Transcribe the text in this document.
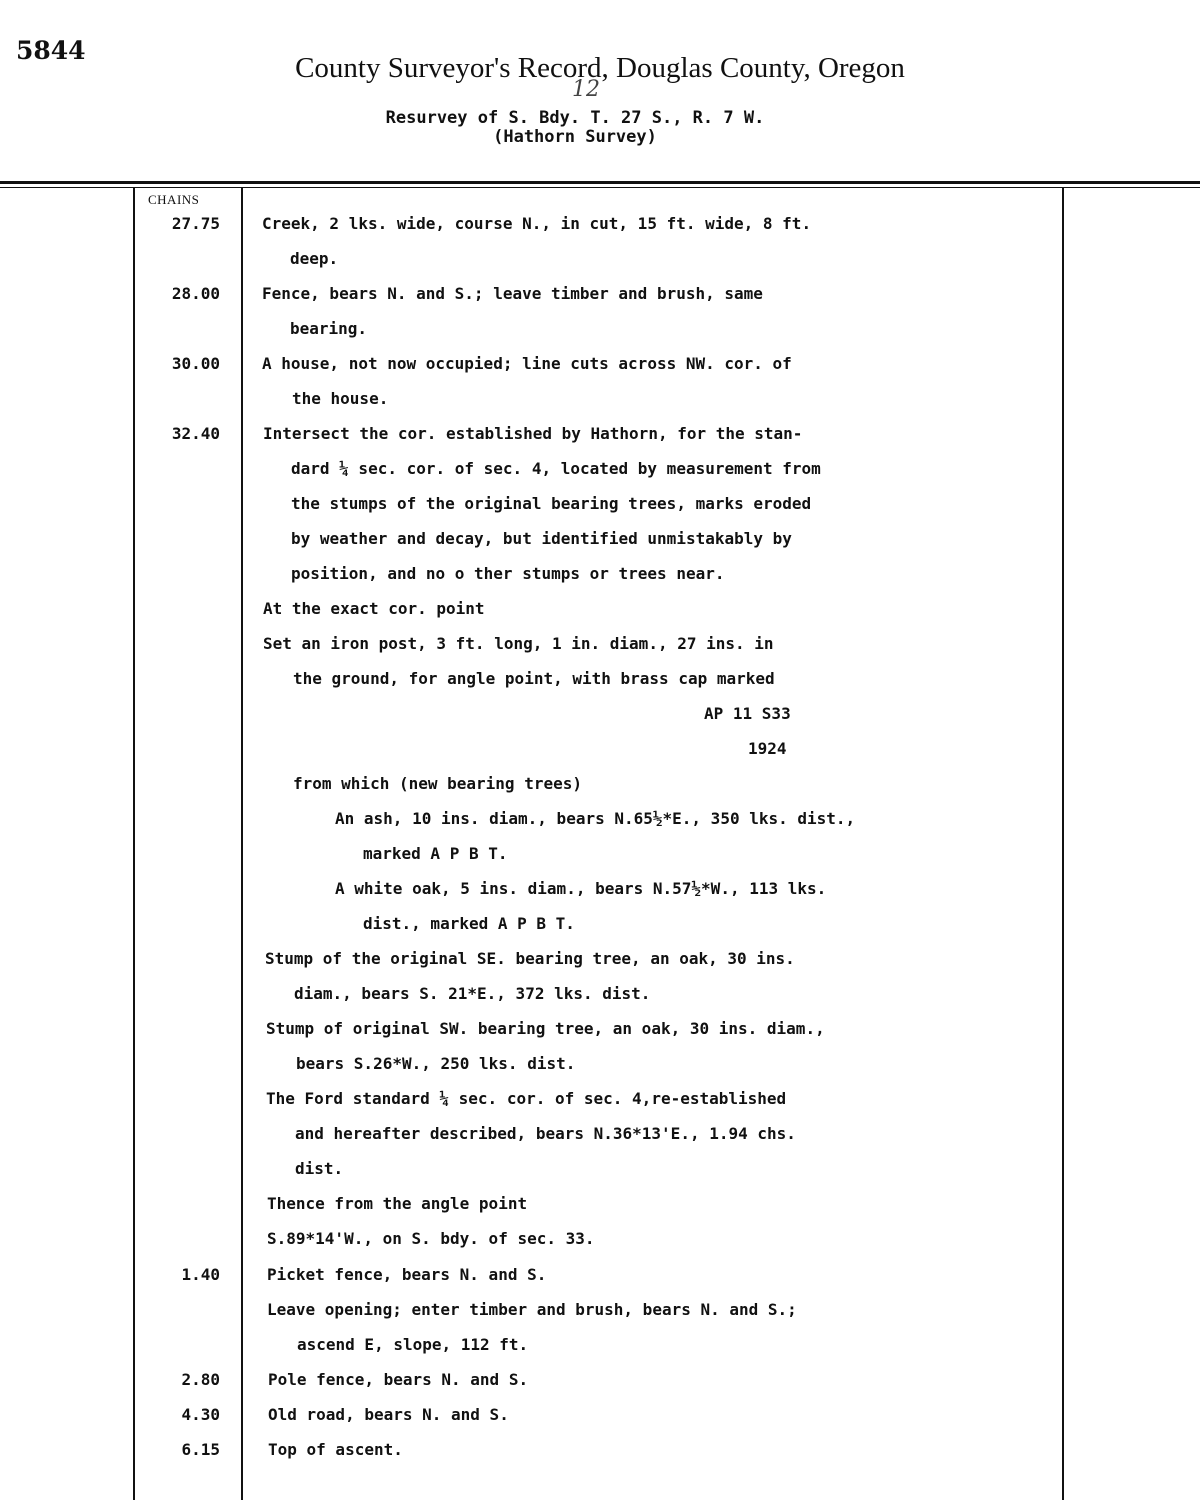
5844
County Surveyor's Record, Douglas County, Oregon
12
Resurvey of S. Bdy. T. 27 S., R. 7 W.
(Hathorn Survey)
CHAINS
27.75
28.00
30.00
32.40
1.40
2.80
4.30
6.15
Creek, 2 lks. wide, course N., in cut, 15 ft. wide, 8 ft.
deep.
Fence, bears N. and S.; leave timber and brush, same
bearing.
A house, not now occupied; line cuts across NW. cor. of
the house.
Intersect the cor. established by Hathorn, for the stan-
dard ¼ sec. cor. of sec. 4, located by measurement from
the stumps of the original bearing trees, marks eroded
by weather and decay, but identified unmistakably by
position, and no o ther stumps or trees near.
At the exact cor. point
Set an iron post, 3 ft. long, 1 in. diam., 27 ins. in
the ground, for angle point, with brass cap marked
AP 11 S33
1924
from which (new bearing trees)
An ash, 10 ins. diam., bears N.65½*E., 350 lks. dist.,
marked A P B T.
A white oak, 5 ins. diam., bears N.57½*W., 113 lks.
dist., marked A P B T.
Stump of the original SE. bearing tree, an oak, 30 ins.
diam., bears S. 21*E., 372 lks. dist.
Stump of original SW. bearing tree, an oak, 30 ins. diam.,
bears S.26*W., 250 lks. dist.
The Ford standard ¼ sec. cor. of sec. 4,re-established
and hereafter described, bears N.36*13'E., 1.94 chs.
dist.
Thence from the angle point
S.89*14'W., on S. bdy. of sec. 33.
Picket fence, bears N. and S.
Leave opening; enter timber and brush, bears N. and S.;
ascend E, slope, 112 ft.
Pole fence, bears N. and S.
Old road, bears N. and S.
Top of ascent.
